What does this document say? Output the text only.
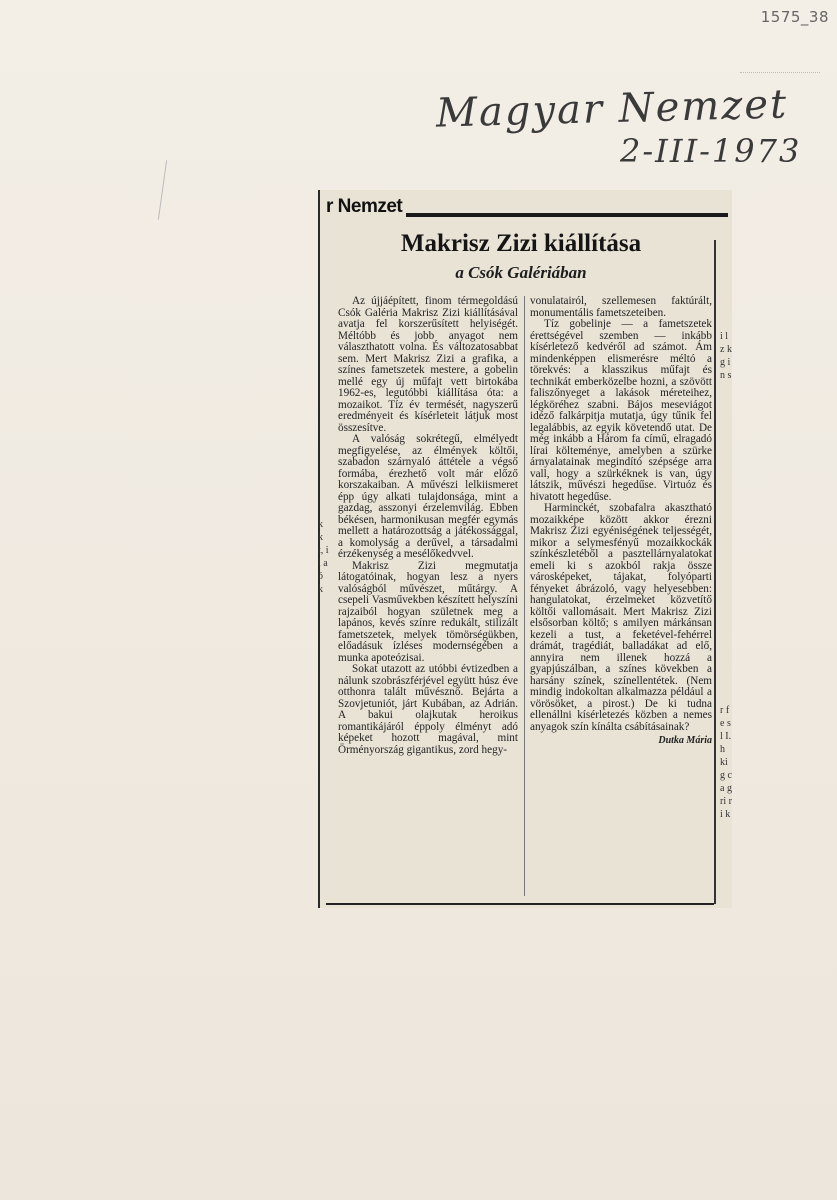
1575_38
Magyar Nemzet
2-III-1973
r Nemzet
Makrisz Zizi kiállítása
a Csók Galériában

Az újjáépített, finom térmegoldású Csók Galéria Makrisz Zizi kiállításával avatja fel korszerűsített helyiségét. Méltóbb és jobb anyagot nem választhatott volna. És változatosabbat sem. Mert Makrisz Zizi a grafika, a színes fametszetek mestere, a gobelin mellé egy új műfajt vett birtokába 1962-es, legutóbbi kiállítása óta: a mozaikot. Tíz év termését, nagyszerű eredményeit és kísérleteit látjuk most összesítve.

A valóság sokrétegű, elmélyedt megfigyelése, az élmények költői, szabadon szárnyaló áttétele a végső formába, érezhető volt már előző korszakaiban. A művészi lelkiismeret épp úgy alkati tulajdonsága, mint a gazdag, asszonyi érzelemvilág. Ebben békésen, harmonikusan megfér egymás mellett a határozottság a játékossággal, a komolyság a derűvel, a társadalmi érzékenység a mesélőkedvvel.

Makrisz Zizi megmutatja látogatóinak, hogyan lesz a nyers valóságból művészet, műtárgy. A csepeli Vasművekben készített helyszíni rajzaiból hogyan születnek meg a lapános, kevés színre redukált, stilizált fametszetek, melyek tömörségükben, előadásuk ízléses modernségében a munka apoteózisai.

Sokat utazott az utóbbi évtizedben a nálunk szobrászférjével együtt húsz éve otthonra talált művésznő. Bejárta a Szovjetuniót, járt Kubában, az Adrián. A bakui olajkutak heroikus romantikájáról éppoly élményt adó képeket hozott magával, mint Örményország gigantikus, zord hegy-

vonulatairól, szellemesen faktúrált, monumentális fametszeteiben.

Tíz gobelinje — a fametszetek érettségével szemben — inkább kísérletező kedvéről ad számot. Ám mindenképpen elismerésre méltó a törekvés: a klasszikus műfajt és technikát emberközelbe hozni, a szövött faliszőnyeget a lakások méreteihez, légköréhez szabni. Bájos meseviágot idéző falkárpitja mutatja, úgy tűnik fel legalábbis, az egyik követendő utat. De még inkább a Három fa című, elragadó lírai költeménye, amelyben a szürke árnyalatainak megindító szépsége arra vall, hogy a szürkéknek is van, úgy látszik, művészi hegedűse. Virtuóz és hivatott hegedűse.

Harminckét, szobafalra akasztható mozaikképe között akkor érezni Makrisz Zizi egyéniségének teljességét, mikor a selymesfényű mozaikkockák színkészletéből a pasztellárnyalatokat emeli ki s azokból rakja össze városképeket, tájakat, folyóparti fényeket ábrázoló, vagy helyesebben: hangulatokat, érzelmeket közvetítő költői vallomásait. Mert Makrisz Zizi elsősorban költő; s amilyen márkánsan kezeli a tust, a feketével-fehérrel drámát, tragédiát, balladákat ad elő, annyira nem illenek hozzá a gyapjúszálban, a színes kövekben a harsány színek, színellentétek. (Nem mindig indokoltan alkalmazza például a vörösöket, a pirost.) De ki tudna ellenállni kísérletezés közben a nemes anyagok szín kínálta csábításainak?

Dutka Mária

k k t, il a ó k
i l z k g i n s
r f e s l I. h ki g c a g ri ri k
